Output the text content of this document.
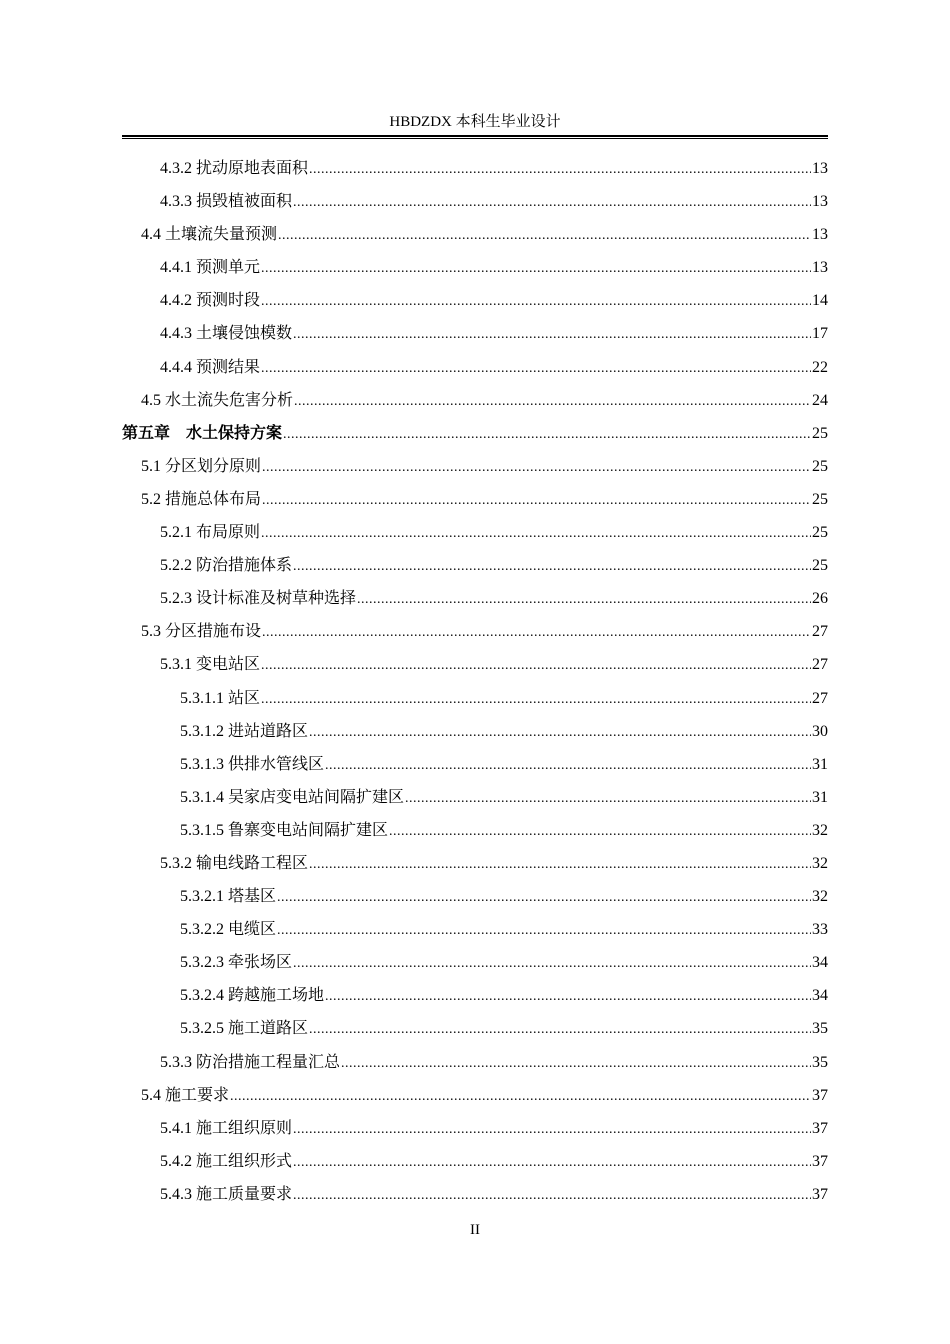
HBDZDX 本科生毕业设计
4.3.2 扰动原地表面积 .....	13
4.3.3 损毁植被面积 .....	13
4.4 土壤流失量预测 .....	13
4.4.1 预测单元 .....	13
4.4.2 预测时段 .....	14
4.4.3 土壤侵蚀模数 .....	17
4.4.4 预测结果 .....	22
4.5 水土流失危害分析 .....	24
第五章　水土保持方案 .....	25
5.1 分区划分原则 .....	25
5.2 措施总体布局 .....	25
5.2.1 布局原则 .....	25
5.2.2 防治措施体系 .....	25
5.2.3 设计标准及树草种选择 .....	26
5.3 分区措施布设 .....	27
5.3.1 变电站区 .....	27
5.3.1.1 站区 .....	27
5.3.1.2 进站道路区 .....	30
5.3.1.3 供排水管线区 .....	31
5.3.1.4 吴家店变电站间隔扩建区 .....	31
5.3.1.5 鲁寨变电站间隔扩建区 .....	32
5.3.2 输电线路工程区 .....	32
5.3.2.1 塔基区 .....	32
5.3.2.2 电缆区 .....	33
5.3.2.3 牵张场区 .....	34
5.3.2.4 跨越施工场地 .....	34
5.3.2.5 施工道路区 .....	35
5.3.3 防治措施工程量汇总 .....	35
5.4 施工要求 .....	37
5.4.1 施工组织原则 .....	37
5.4.2 施工组织形式 .....	37
5.4.3 施工质量要求 .....	37
II
